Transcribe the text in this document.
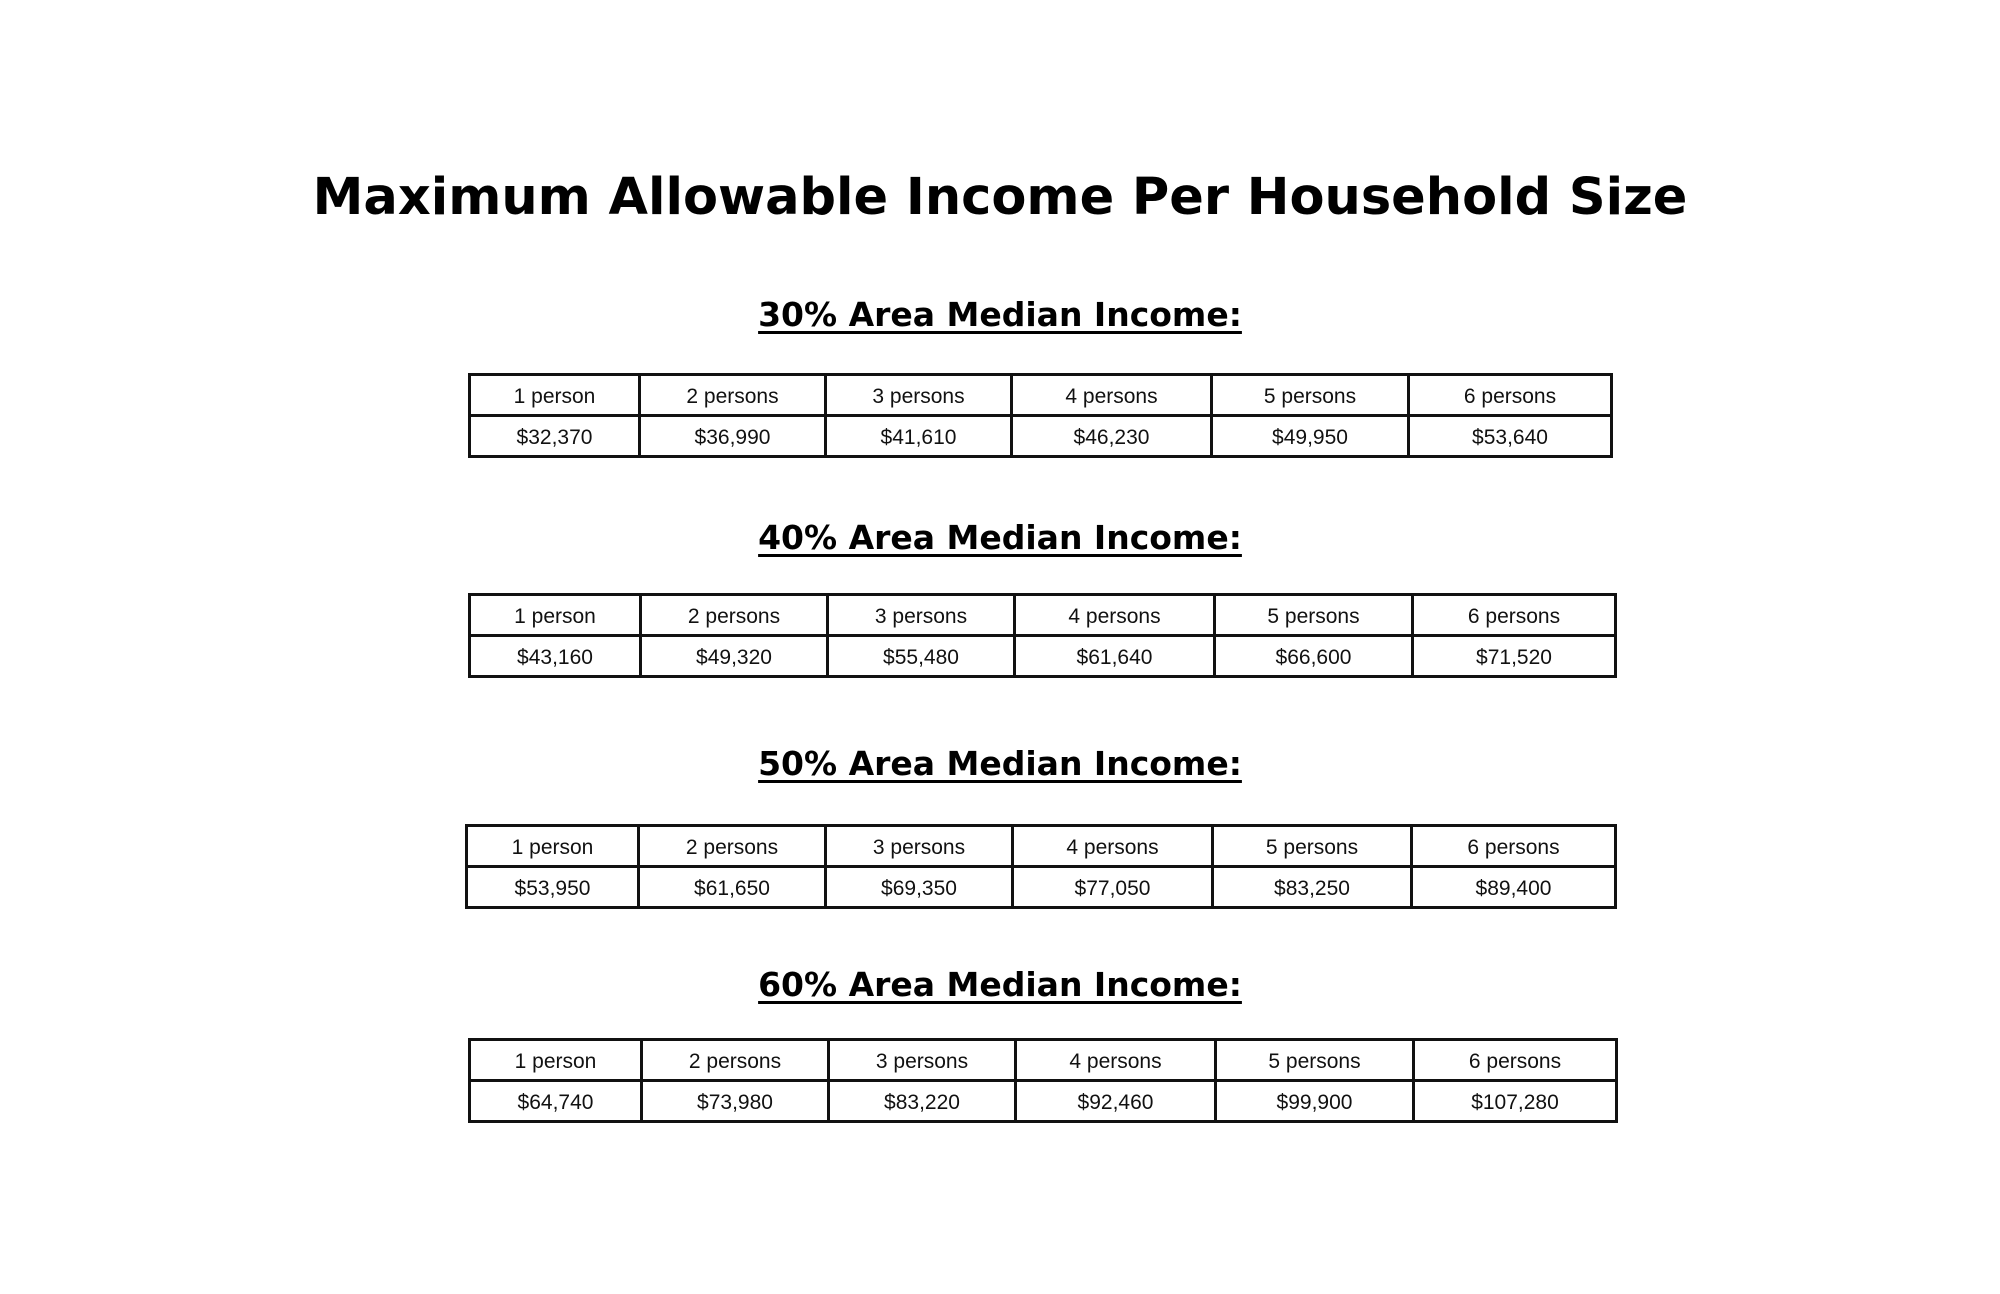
Maximum Allowable Income Per Household Size
30% Area Median Income:
1 person	2 persons	3 persons	4 persons	5 persons	6 persons
$32,370	$36,990	$41,610	$46,230	$49,950	$53,640
40% Area Median Income:
1 person	2 persons	3 persons	4 persons	5 persons	6 persons
$43,160	$49,320	$55,480	$61,640	$66,600	$71,520
50% Area Median Income:
1 person	2 persons	3 persons	4 persons	5 persons	6 persons
$53,950	$61,650	$69,350	$77,050	$83,250	$89,400
60% Area Median Income:
1 person	2 persons	3 persons	4 persons	5 persons	6 persons
$64,740	$73,980	$83,220	$92,460	$99,900	$107,280
